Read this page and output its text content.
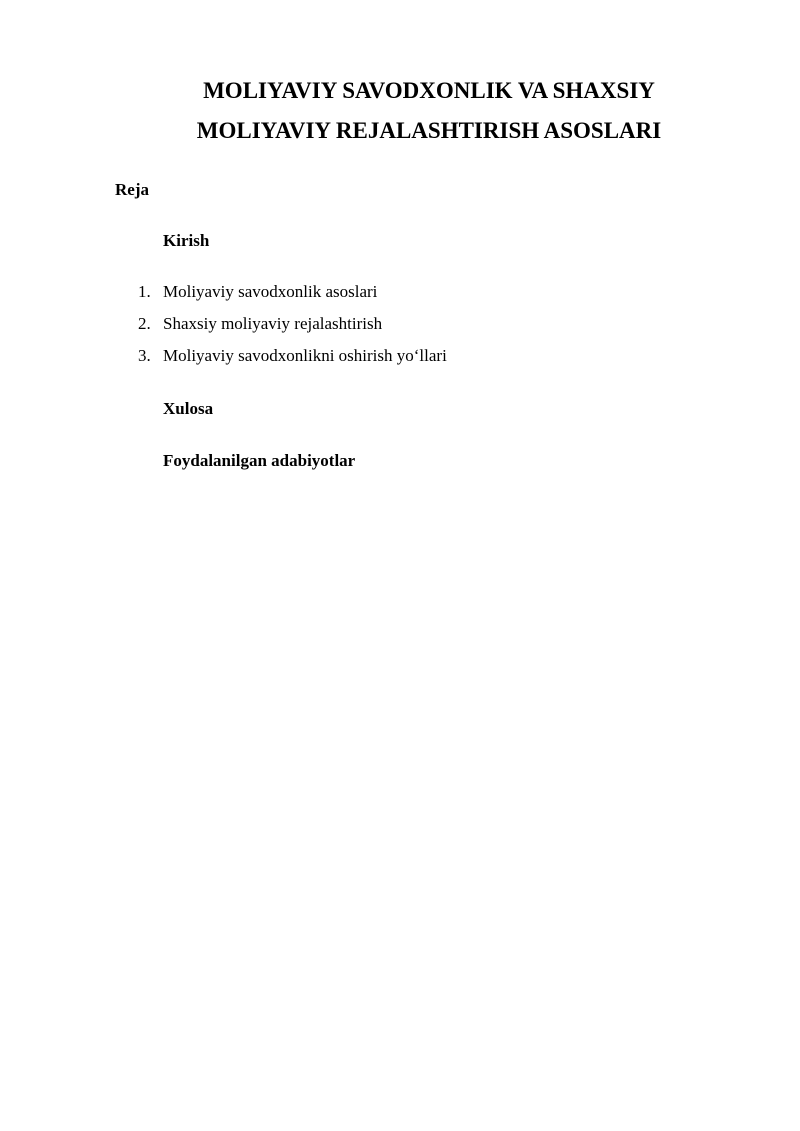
MOLIYAVIY SAVODXONLIK VA SHAXSIY
MOLIYAVIY REJALASHTIRISH ASOSLARI

Reja

Kirish

1. Moliyaviy savodxonlik asoslari
2. Shaxsiy moliyaviy rejalashtirish
3. Moliyaviy savodxonlikni oshirish yo‘llari

Xulosa

Foydalanilgan adabiyotlar
